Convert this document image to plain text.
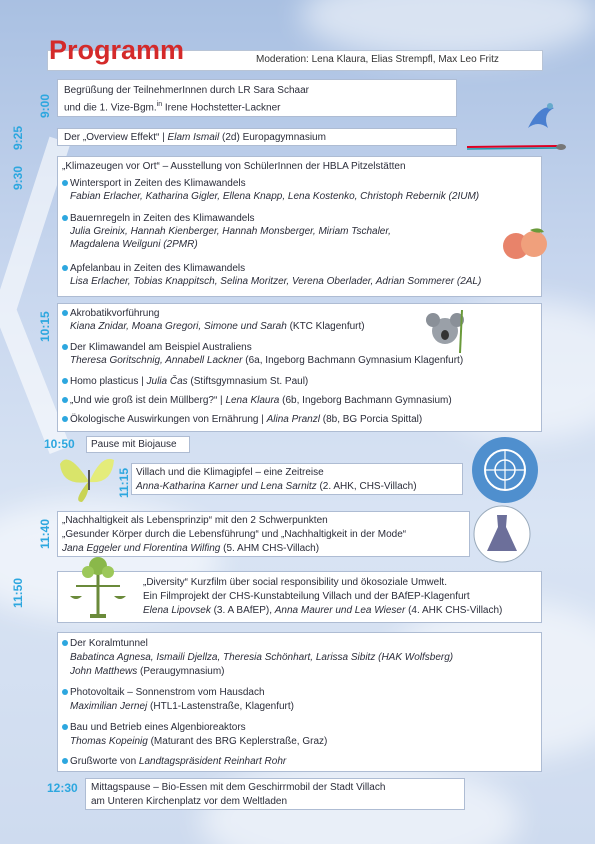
Programm	Moderation: Lena Klaura, Elias Strempfl, Max Leo Fritz
9:00
Begrüßung der TeilnehmerInnen durch LR Sara Schaar
und die 1. Vize-Bgm.$^{in}$ Irene Hochstetter-Lackner
9:25	Der „Overview Effekt“ | Elam Ismail (2d) Europagymnasium
9:30	„Klimazeugen vor Ort“ – Ausstellung von SchülerInnen der HBLA Pitzelstätten
Wintersport in Zeiten des Klimawandels
Fabian Erlacher, Katharina Gigler, Ellena Knapp, Lena Kostenko, Christoph Rebernik (2IUM)
Bauernregeln in Zeiten des Klimawandels
Julia Greinix, Hannah Kienberger, Hannah Monsberger, Miriam Tschaler,
Magdalena Weilguni (2PMR)
Apfelanbau in Zeiten des Klimawandels
Lisa Erlacher, Tobias Knappitsch, Selina Moritzer, Verena Oberlader, Adrian Sommerer (2AL)
10:15 Akrobatikvorführung
Kiana Znidar, Moana Gregori, Simone und Sarah (KTC Klagenfurt)
Der Klimawandel am Beispiel Australiens
Theresa Goritschnig, Annabell Lackner (6a, Ingeborg Bachmann Gymnasium Klagenfurt)
Homo plasticus | Julia Čas (Stiftsgymnasium St. Paul)
„Und wie groß ist dein Müllberg?“ | Lena Klaura (6b, Ingeborg Bachmann Gymnasium)
Ökologische Auswirkungen von Ernährung | Alina Pranzl (8b, BG Porcia Spittal)
10:50 Pause mit Biojause
11:15 Villach und die Klimagipfel – eine Zeitreise
Anna-Katharina Karner und Lena Sarnitz (2. AHK, CHS-Villach)
11:40 „Nachhaltigkeit als Lebensprinzip“ mit den 2 Schwerpunkten
„Gesunder Körper durch die Lebensführung“ und „Nachhaltigkeit in der Mode“
Jana Eggeler und Florentina Wilfing (5. AHM CHS-Villach)
11:50	„Diversity“ Kurzfilm über social responsibility und ökosoziale Umwelt.
Ein Filmprojekt der CHS-Kunstabteilung Villach und der BAfEP-Klagenfurt
Elena Lipovsek (3. A BAfEP), Anna Maurer und Lea Wieser (4. AHK CHS-Villach)
Der Koralmtunnel
Babatinca Agnesa, Ismaili Djellza, Theresia Schönhart, Larissa Sibitz (HAK Wolfsberg)
John Matthews (Peraugymnasium)
Photovoltaik – Sonnenstrom vom Hausdach
Maximilian Jernej (HTL1-Lastenstraße, Klagenfurt)
Bau und Betrieb eines Algenbioreaktors
Thomas Kopeinig (Maturant des BRG Keplerstraße, Graz)
Grußworte von Landtagspräsident Reinhart Rohr
12:30 Mittagspause – Bio-Essen mit dem Geschirrmobil der Stadt Villach
am Unteren Kirchenplatz vor dem Weltladen
